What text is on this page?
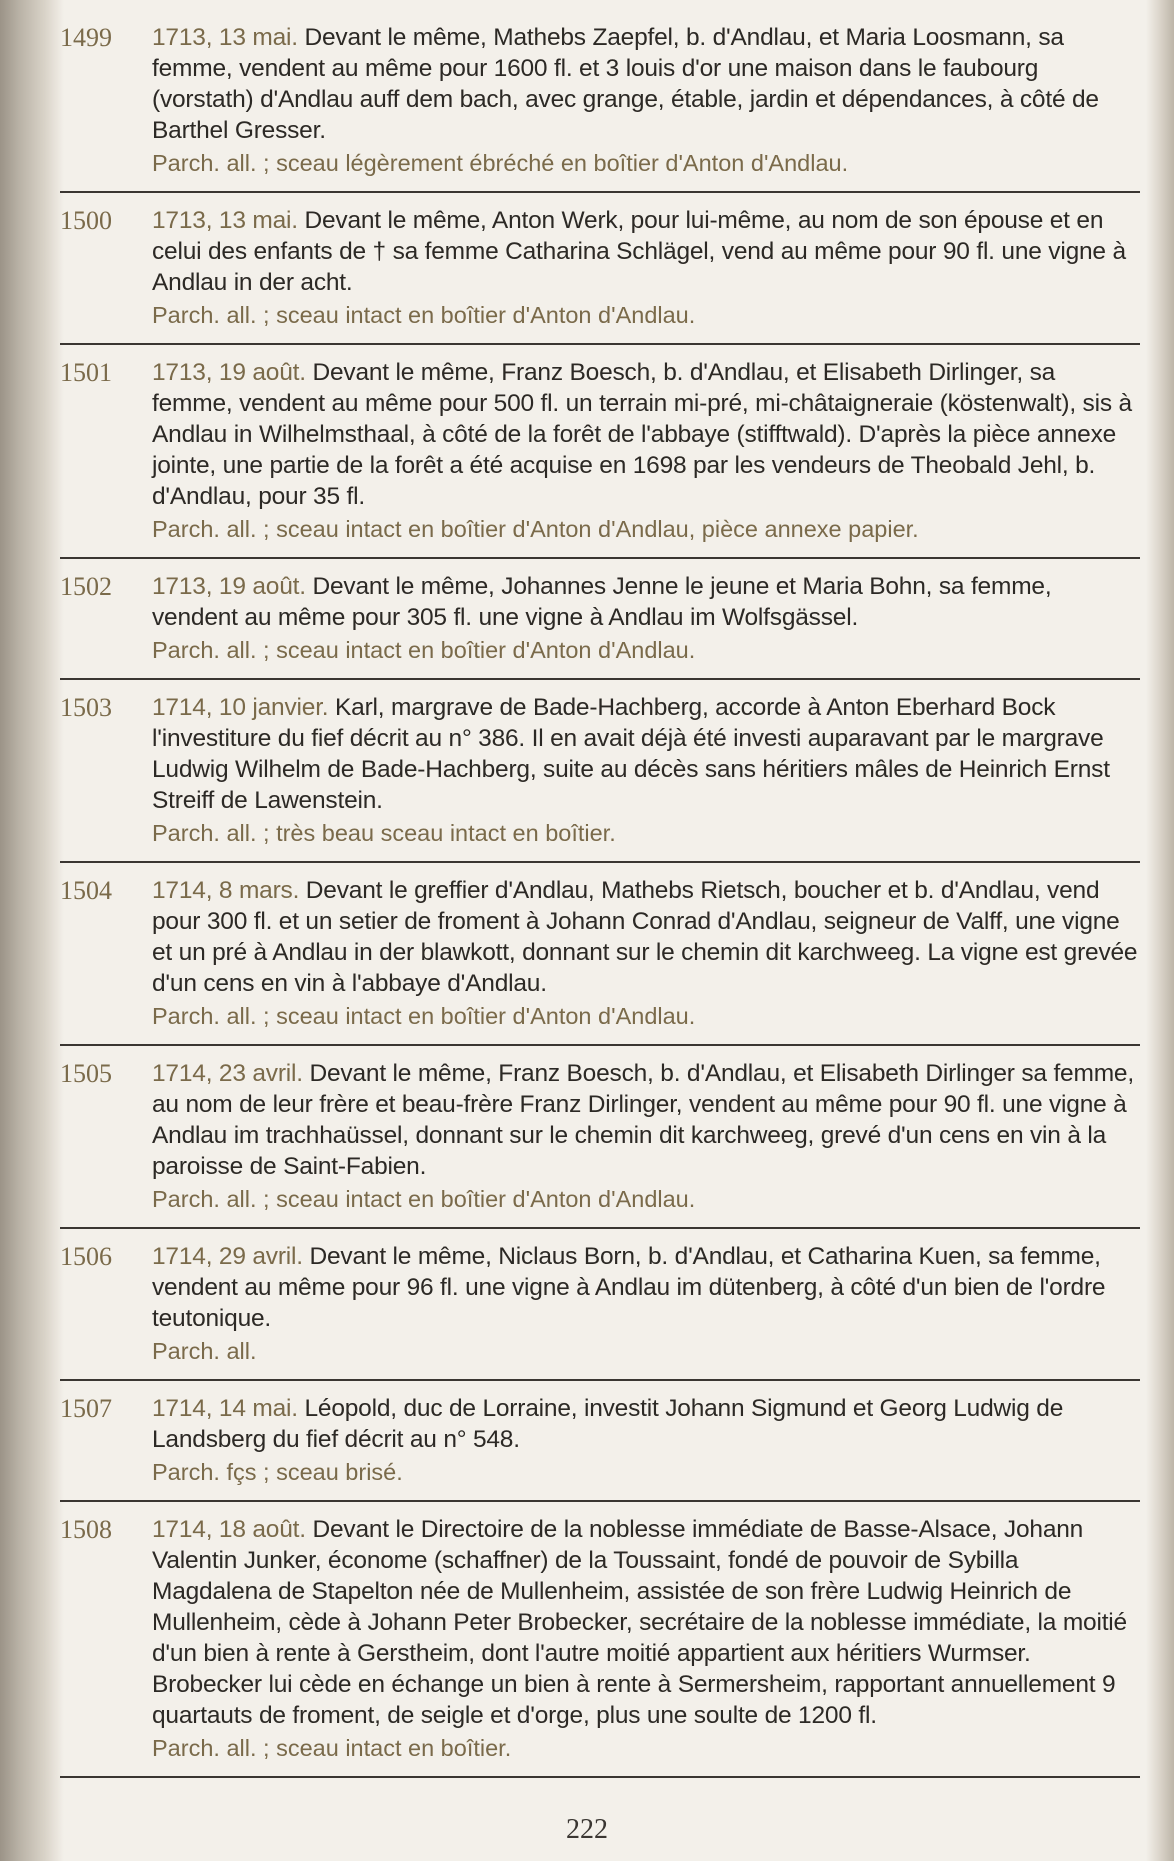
1499	1713, 13 mai. Devant le même, Mathebs Zaepfel, b. d'Andlau, et Maria Loosmann, sa femme, vendent au même pour 1600 fl. et 3 louis d'or une maison dans le faubourg (vorstath) d'Andlau auff dem bach, avec grange, étable, jardin et dépendances, à côté de Barthel Gresser.

Parch. all. ; sceau légèrement ébréché en boîtier d'Anton d'Andlau.

1500	1713, 13 mai. Devant le même, Anton Werk, pour lui-même, au nom de son épouse et en celui des enfants de † sa femme Catharina Schlägel, vend au même pour 90 fl. une vigne à Andlau in der acht.

Parch. all. ; sceau intact en boîtier d'Anton d'Andlau.

1501	1713, 19 août. Devant le même, Franz Boesch, b. d'Andlau, et Elisabeth Dirlinger, sa femme, vendent au même pour 500 fl. un terrain mi-pré, mi-châtaigneraie (köstenwalt), sis à Andlau in Wilhelmsthaal, à côté de la forêt de l'abbaye (stifftwald). D'après la pièce annexe jointe, une partie de la forêt a été acquise en 1698 par les vendeurs de Theobald Jehl, b. d'Andlau, pour 35 fl.

Parch. all. ; sceau intact en boîtier d'Anton d'Andlau, pièce annexe papier.

1502	1713, 19 août. Devant le même, Johannes Jenne le jeune et Maria Bohn, sa femme, vendent au même pour 305 fl. une vigne à Andlau im Wolfsgässel.

Parch. all. ; sceau intact en boîtier d'Anton d'Andlau.

1503	1714, 10 janvier. Karl, margrave de Bade-Hachberg, accorde à Anton Eberhard Bock l'investiture du fief décrit au n° 386. Il en avait déjà été investi auparavant par le margrave Ludwig Wilhelm de Bade-Hachberg, suite au décès sans héritiers mâles de Heinrich Ernst Streiff de Lawenstein.

Parch. all. ; très beau sceau intact en boîtier.

1504	1714, 8 mars. Devant le greffier d'Andlau, Mathebs Rietsch, boucher et b. d'Andlau, vend pour 300 fl. et un setier de froment à Johann Conrad d'Andlau, seigneur de Valff, une vigne et un pré à Andlau in der blawkott, donnant sur le chemin dit karchweeg. La vigne est grevée d'un cens en vin à l'abbaye d'Andlau.

Parch. all. ; sceau intact en boîtier d'Anton d'Andlau.

1505	1714, 23 avril. Devant le même, Franz Boesch, b. d'Andlau, et Elisabeth Dirlinger sa femme, au nom de leur frère et beau-frère Franz Dirlinger, vendent au même pour 90 fl. une vigne à Andlau im trachhaüssel, donnant sur le chemin dit karchweeg, grevé d'un cens en vin à la paroisse de Saint-Fabien.

Parch. all. ; sceau intact en boîtier d'Anton d'Andlau.

1506	1714, 29 avril. Devant le même, Niclaus Born, b. d'Andlau, et Catharina Kuen, sa femme, vendent au même pour 96 fl. une vigne à Andlau im dütenberg, à côté d'un bien de l'ordre teutonique.

Parch. all.

1507	1714, 14 mai. Léopold, duc de Lorraine, investit Johann Sigmund et Georg Ludwig de Landsberg du fief décrit au n° 548.

Parch. fçs ; sceau brisé.

1508	1714, 18 août. Devant le Directoire de la noblesse immédiate de Basse-Alsace, Johann Valentin Junker, économe (schaffner) de la Toussaint, fondé de pouvoir de Sybilla Magdalena de Stapelton née de Mullenheim, assistée de son frère Ludwig Heinrich de Mullenheim, cède à Johann Peter Brobecker, secrétaire de la noblesse immédiate, la moitié d'un bien à rente à Gerstheim, dont l'autre moitié appartient aux héritiers Wurmser. Brobecker lui cède en échange un bien à rente à Sermersheim, rapportant annuellement 9 quartauts de froment, de seigle et d'orge, plus une soulte de 1200 fl.

Parch. all. ; sceau intact en boîtier.

222
